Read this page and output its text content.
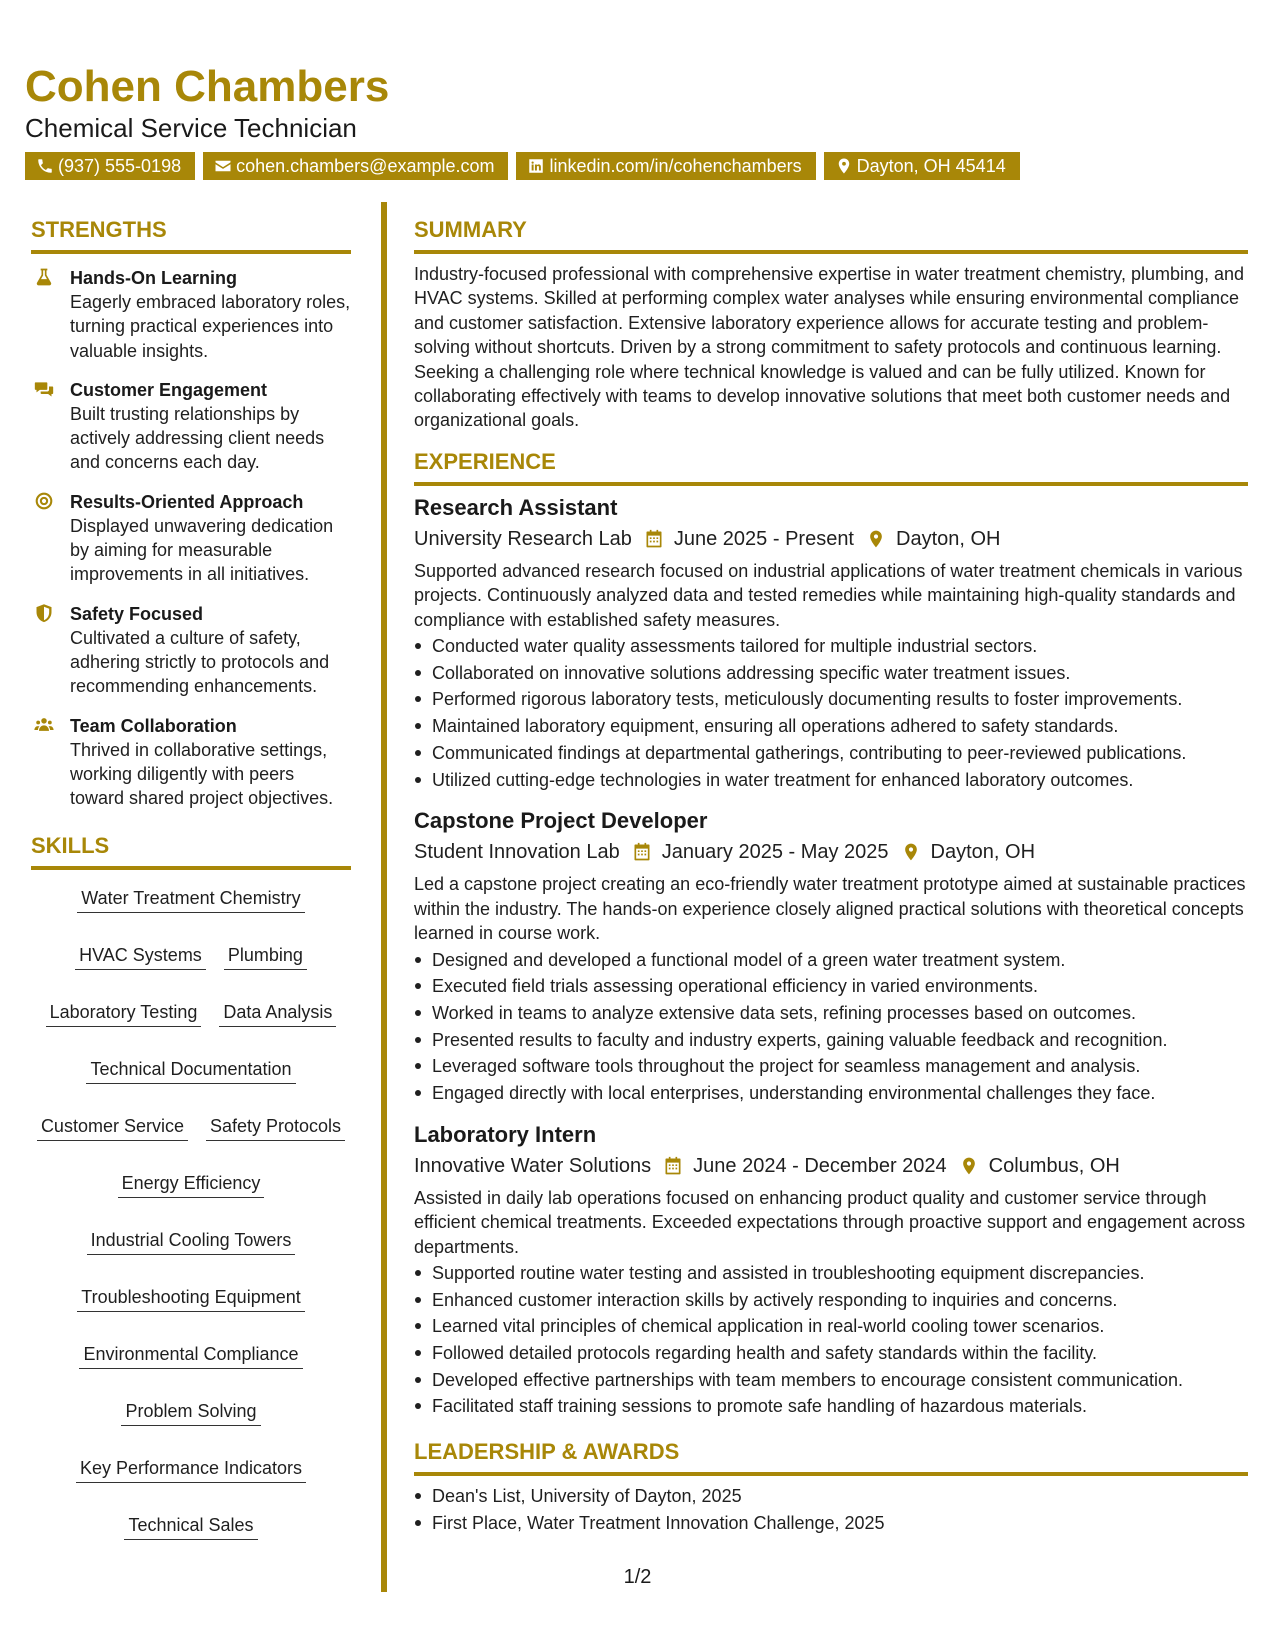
Cohen Chambers
Chemical Service Technician
(937) 555-0198	cohen.chambers@example.com	linkedin.com/in/cohenchambers	Dayton, OH 45414
STRENGTHS
Hands-On Learning
Eagerly embraced laboratory roles, turning practical experiences into valuable insights.
Customer Engagement
Built trusting relationships by actively addressing client needs and concerns each day.
Results-Oriented Approach
Displayed unwavering dedication by aiming for measurable improvements in all initiatives.
Safety Focused
Cultivated a culture of safety, adhering strictly to protocols and recommending enhancements.
Team Collaboration
Thrived in collaborative settings, working diligently with peers toward shared project objectives.
SKILLS
Water Treatment Chemistry
HVAC Systems Plumbing
Laboratory Testing Data Analysis
Technical Documentation
Customer Service Safety Protocols
Energy Efficiency
Industrial Cooling Towers
Troubleshooting Equipment
Environmental Compliance
Problem Solving
Key Performance Indicators
Technical Sales
SUMMARY
Industry-focused professional with comprehensive expertise in water treatment chemistry, plumbing, and HVAC systems. Skilled at performing complex water analyses while ensuring environmental compliance and customer satisfaction. Extensive laboratory experience allows for accurate testing and problem-solving without shortcuts. Driven by a strong commitment to safety protocols and continuous learning. Seeking a challenging role where technical knowledge is valued and can be fully utilized. Known for collaborating effectively with teams to develop innovative solutions that meet both customer needs and organizational goals.
EXPERIENCE
Research Assistant
University Research Lab June 2025 - Present Dayton, OH
Supported advanced research focused on industrial applications of water treatment chemicals in various projects. Continuously analyzed data and tested remedies while maintaining high-quality standards and compliance with established safety measures.
Conducted water quality assessments tailored for multiple industrial sectors.
Collaborated on innovative solutions addressing specific water treatment issues.
Performed rigorous laboratory tests, meticulously documenting results to foster improvements.
Maintained laboratory equipment, ensuring all operations adhered to safety standards.
Communicated findings at departmental gatherings, contributing to peer-reviewed publications.
Utilized cutting-edge technologies in water treatment for enhanced laboratory outcomes.
Capstone Project Developer
Student Innovation Lab January 2025 - May 2025 Dayton, OH
Led a capstone project creating an eco-friendly water treatment prototype aimed at sustainable practices within the industry. The hands-on experience closely aligned practical solutions with theoretical concepts learned in course work.
Designed and developed a functional model of a green water treatment system.
Executed field trials assessing operational efficiency in varied environments.
Worked in teams to analyze extensive data sets, refining processes based on outcomes.
Presented results to faculty and industry experts, gaining valuable feedback and recognition.
Leveraged software tools throughout the project for seamless management and analysis.
Engaged directly with local enterprises, understanding environmental challenges they face.
Laboratory Intern
Innovative Water Solutions June 2024 - December 2024 Columbus, OH
Assisted in daily lab operations focused on enhancing product quality and customer service through efficient chemical treatments. Exceeded expectations through proactive support and engagement across departments.
Supported routine water testing and assisted in troubleshooting equipment discrepancies.
Enhanced customer interaction skills by actively responding to inquiries and concerns.
Learned vital principles of chemical application in real-world cooling tower scenarios.
Followed detailed protocols regarding health and safety standards within the facility.
Developed effective partnerships with team members to encourage consistent communication.
Facilitated staff training sessions to promote safe handling of hazardous materials.
LEADERSHIP & AWARDS
Dean's List, University of Dayton, 2025
First Place, Water Treatment Innovation Challenge, 2025
1/2
